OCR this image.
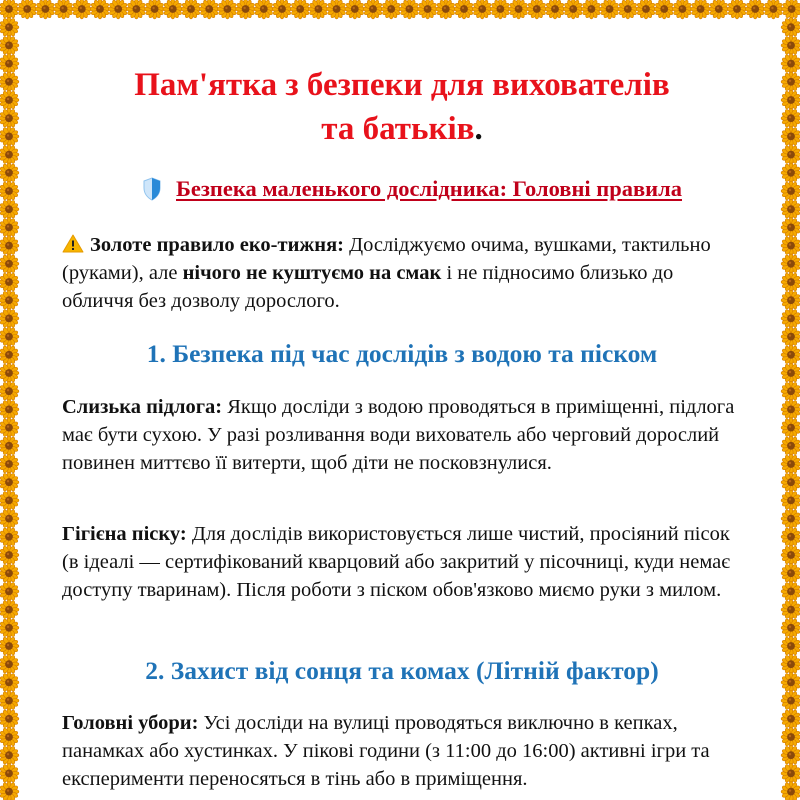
Пам'ятка з безпеки для вихователів
та батьків.
Безпека маленького дослідника: Головні правила

Золоте правило еко-тижня: Досліджуємо очима, вушками, тактильно (руками), але нічого не куштуємо на смак і не підносимо близько до обличчя без дозволу дорослого.

1. Безпека під час дослідів з водою та піском

Слизька підлога: Якщо досліди з водою проводяться в приміщенні, підлога має бути сухою. У разі розливання води вихователь або черговий дорослий повинен миттєво її витерти, щоб діти не посковзнулися.

Гігієна піску: Для дослідів використовується лише чистий, просіяний пісок (в ідеалі — сертифікований кварцовий або закритий у пісочниці, куди немає доступу тваринам). Після роботи з піском обов'язково миємо руки з милом.

2. Захист від сонця та комах (Літній фактор)

Головні убори: Усі досліди на вулиці проводяться виключно в кепках, панамках або хустинках. У пікові години (з 11:00 до 16:00) активні ігри та експерименти переносяться в тінь або в приміщення.
